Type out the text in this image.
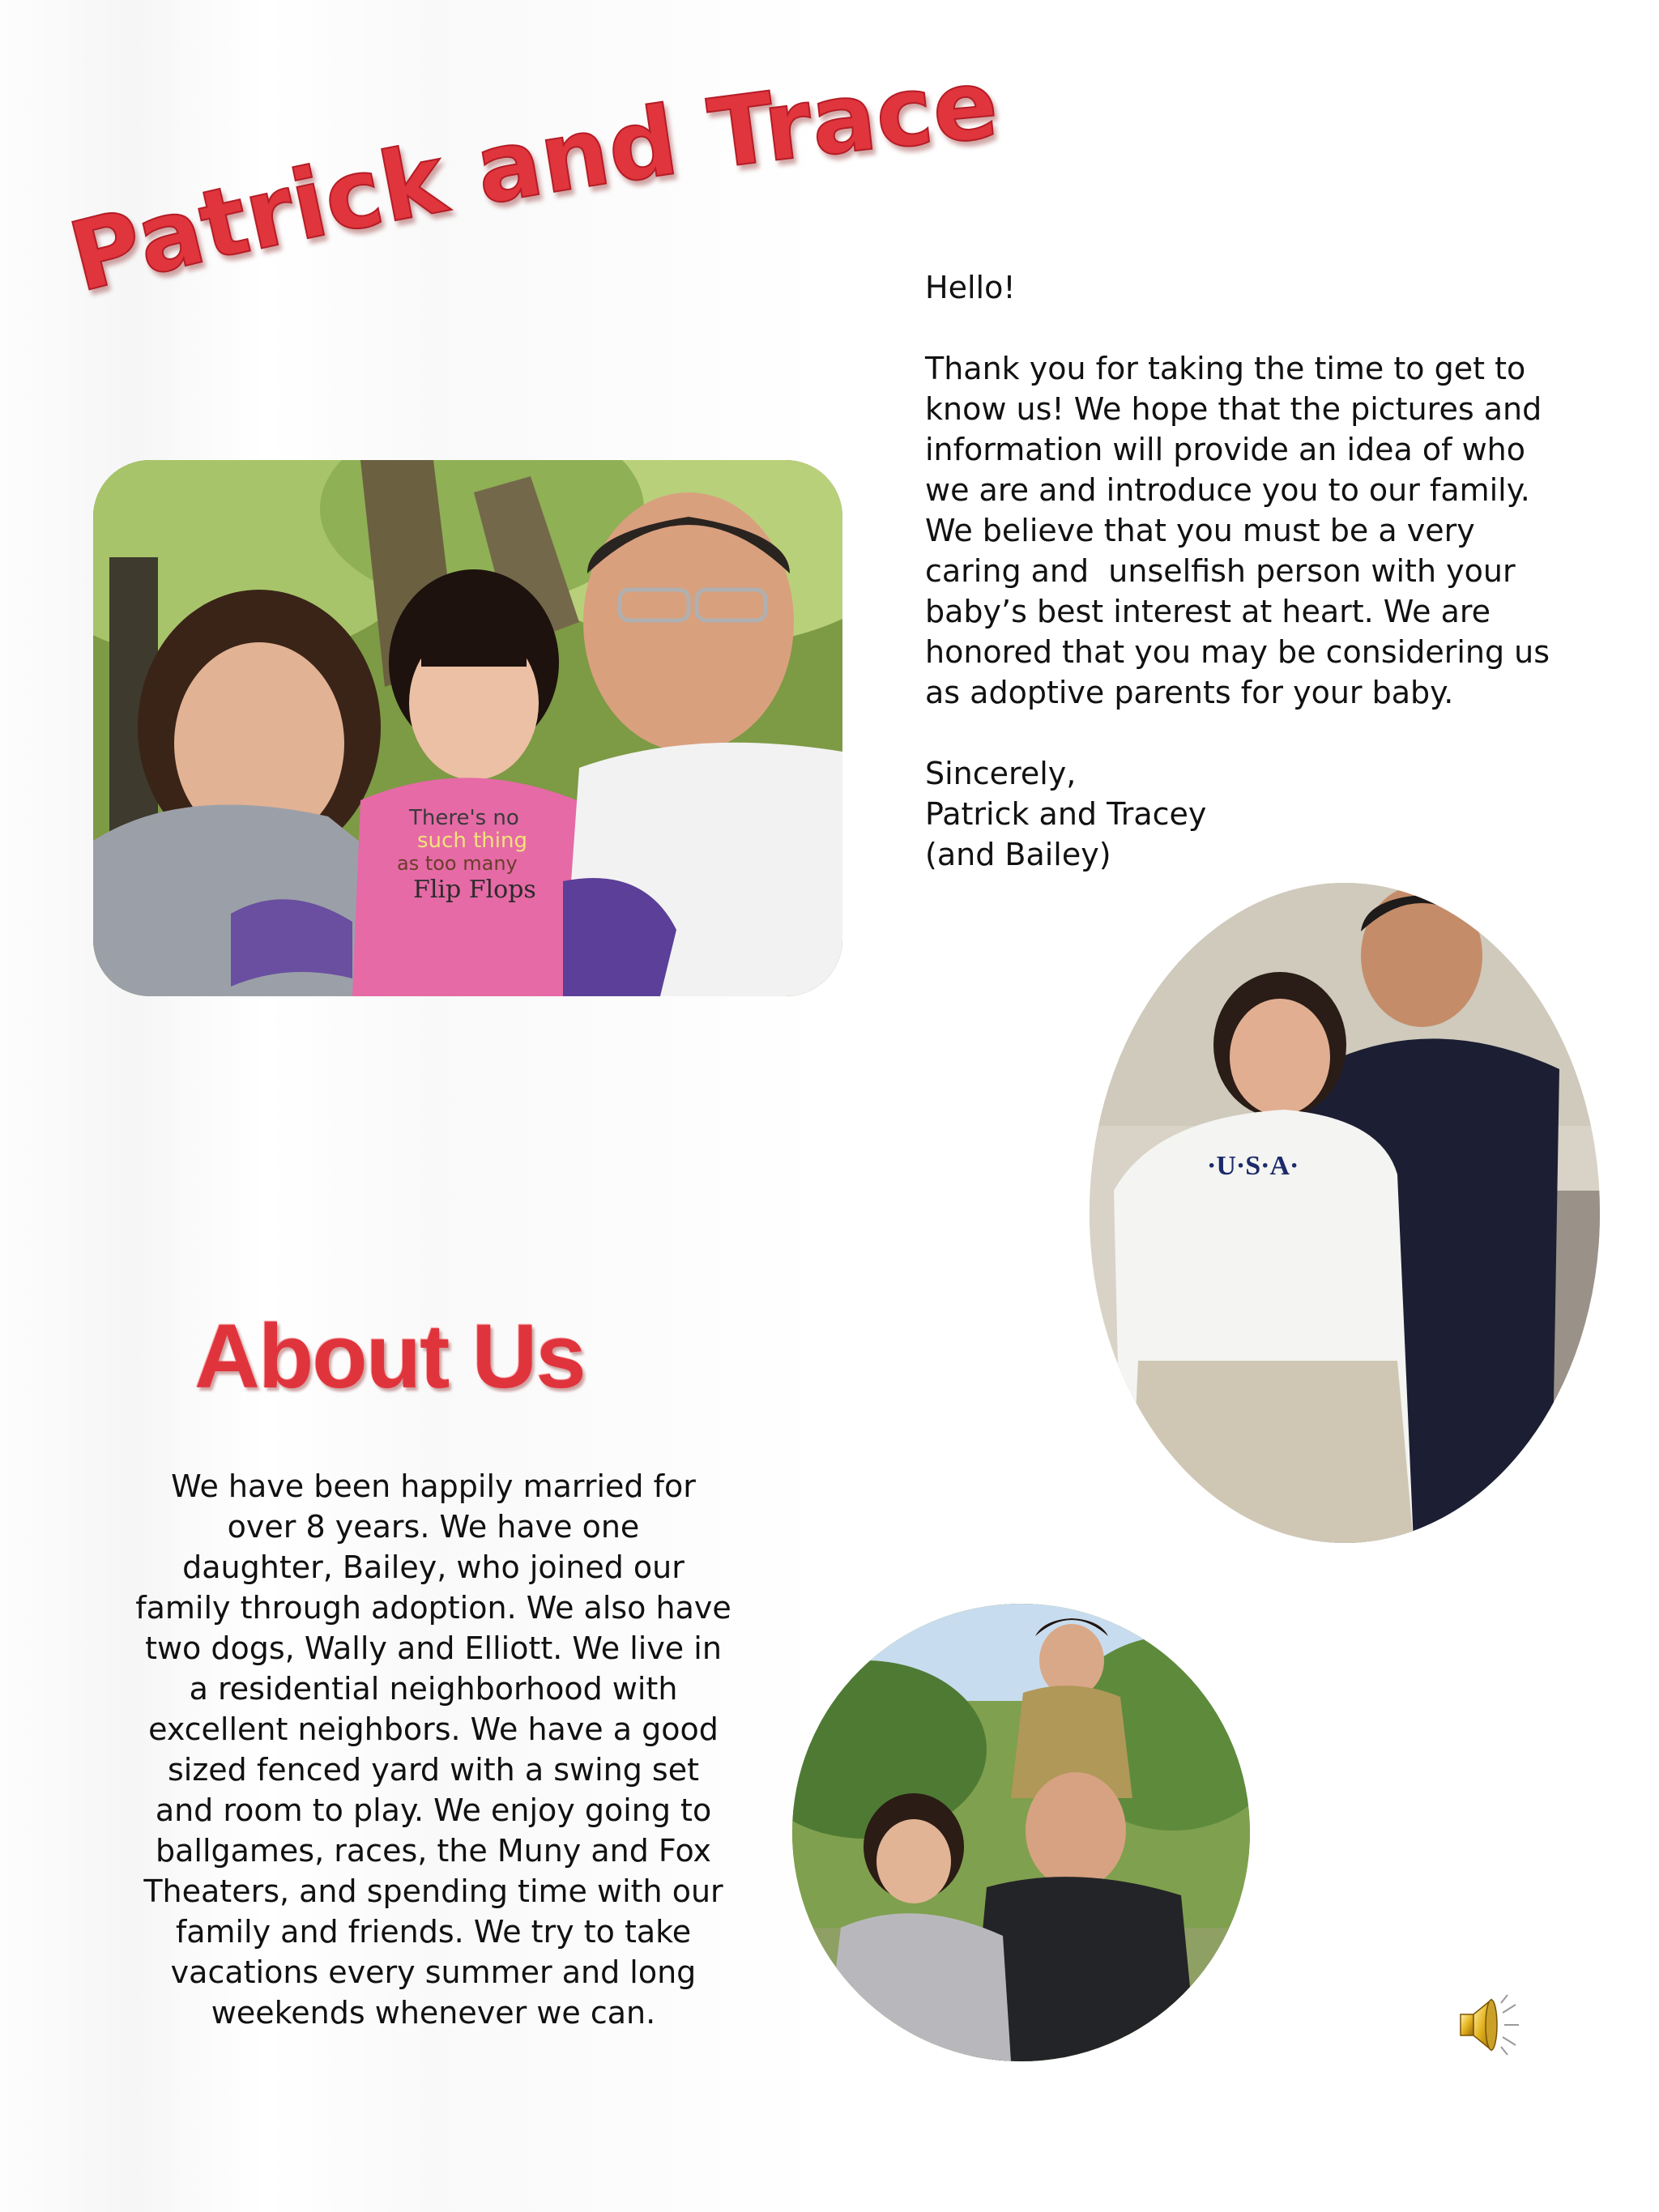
Patrick and Tracey

Hello!

Thank you for taking the time to get to

know us! We hope that the pictures and

information will provide an idea of who

we are and introduce you to our family.

We believe that you must be a very

caring and  unselfish person with your

baby’s best interest at heart. We are

honored that you may be considering us

as adoptive parents for your baby.

Sincerely,

Patrick and Tracey

(and Bailey)

There's no
such thing
as too many
Flip Flops
·U·S·A·
About Us
We have been happily married for
over 8 years. We have one
daughter, Bailey, who joined our
family through adoption. We also have
two dogs, Wally and Elliott. We live in
a residential neighborhood with
excellent neighbors. We have a good
sized fenced yard with a swing set
and room to play. We enjoy going to
ballgames, races, the Muny and Fox
Theaters, and spending time with our
family and friends. We try to take
vacations every summer and long
weekends whenever we can.
